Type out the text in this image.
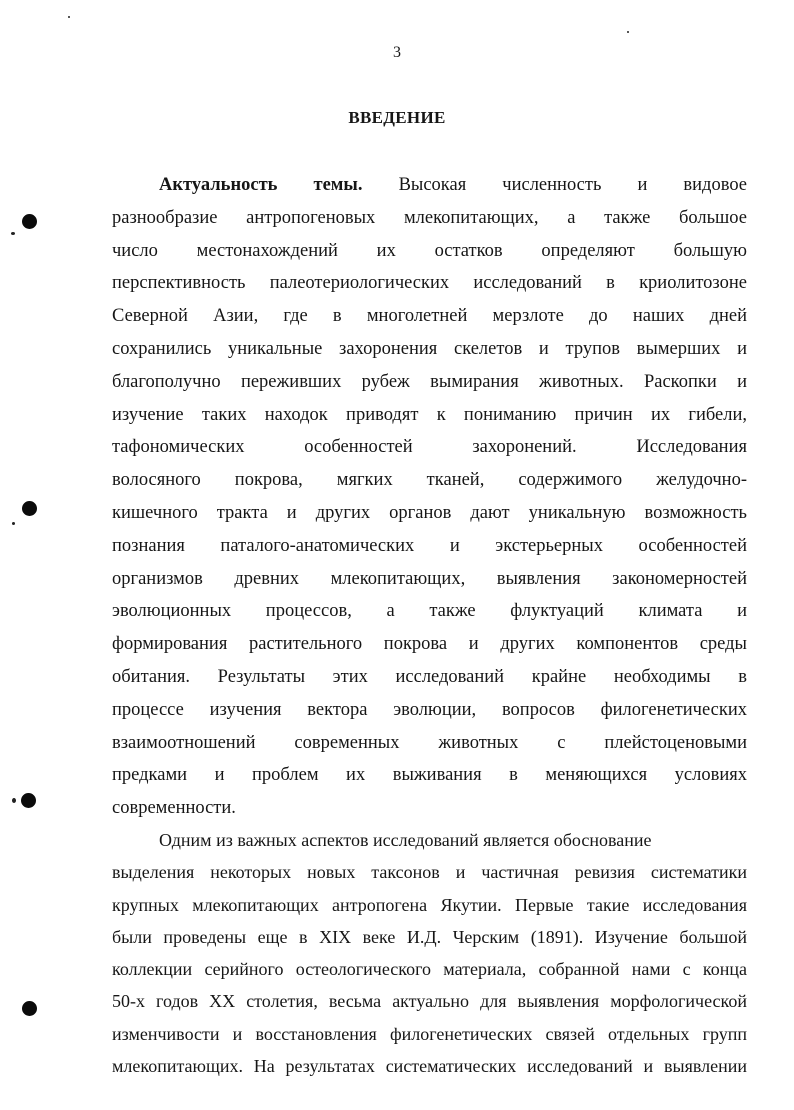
3
ВВЕДЕНИЕ
Актуальность темы. Высокая численность и видовое
разнообразие антропогеновых млекопитающих, а также большое
число местонахождений их остатков определяют большую
перспективность палеотериологических исследований в криолитозоне
Северной Азии, где в многолетней мерзлоте до наших дней
сохранились уникальные захоронения скелетов и трупов вымерших и
благополучно переживших рубеж вымирания животных. Раскопки и
изучение таких находок приводят к пониманию причин их гибели,
тафономических особенностей захоронений. Исследования
волосяного покрова, мягких тканей, содержимого желудочно-
кишечного тракта и других органов дают уникальную возможность
познания паталого-анатомических и экстерьерных особенностей
организмов древних млекопитающих, выявления закономерностей
эволюционных процессов, а также флуктуаций климата и
формирования растительного покрова и других компонентов среды
обитания. Результаты этих исследований крайне необходимы в
процессе изучения вектора эволюции, вопросов филогенетических
взаимоотношений современных животных с плейстоценовыми
предками и проблем их выживания в меняющихся условиях
современности.
Одним из важных аспектов исследований является обоснование
выделения некоторых новых таксонов и частичная ревизия систематики
крупных млекопитающих антропогена Якутии. Первые такие исследования
были проведены еще в XIX веке И.Д. Черским (1891). Изучение большой
коллекции серийного остеологического материала, собранной нами с конца
50-х годов XX столетия, весьма актуально для выявления морфологической
изменчивости и восстановления филогенетических связей отдельных групп
млекопитающих. На результатах систематических исследований и выявлении
